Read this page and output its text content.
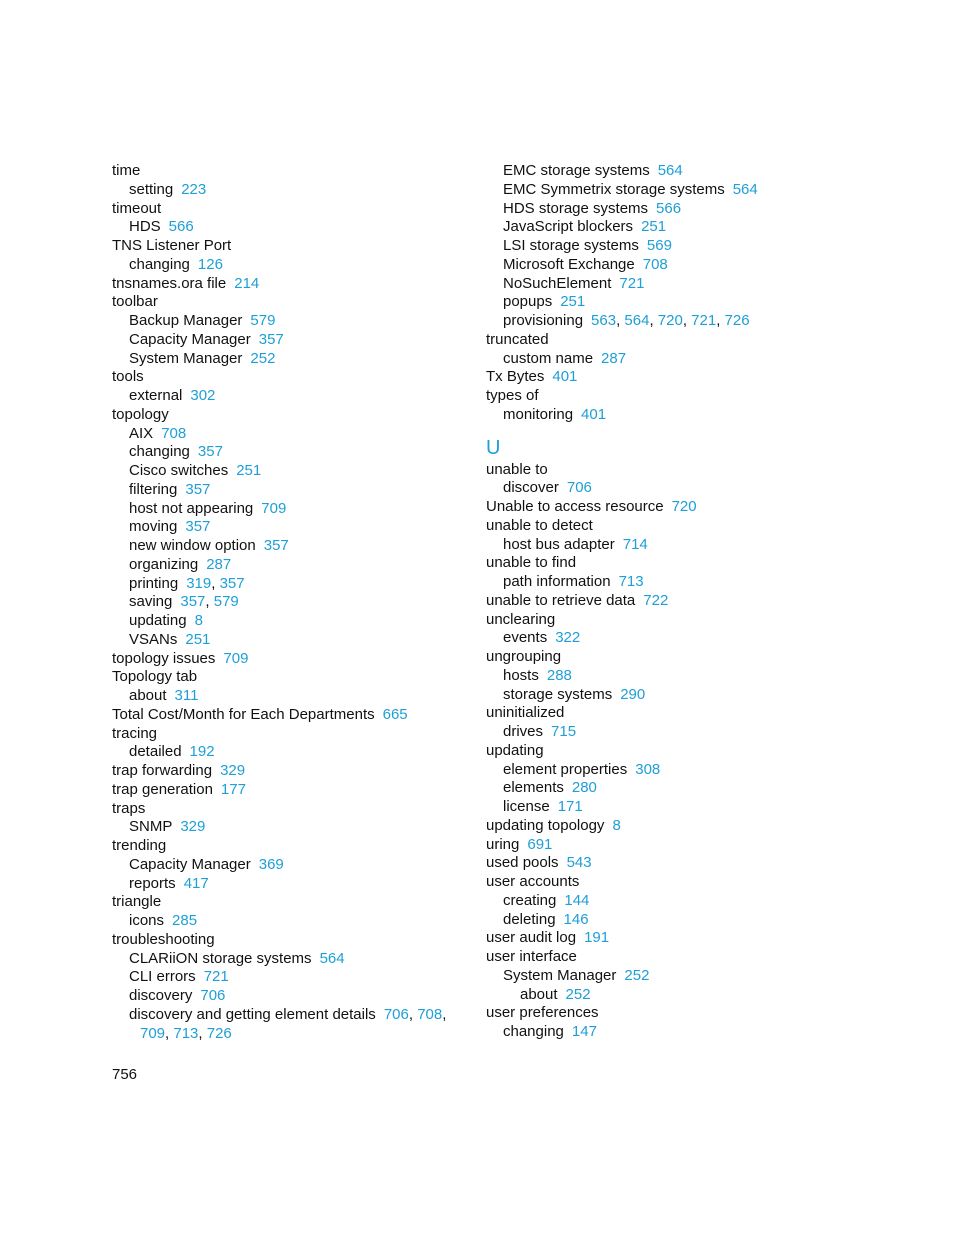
time
setting 223
timeout
HDS 566
TNS Listener Port
changing 126
tnsnames.ora file 214
toolbar
Backup Manager 579
Capacity Manager 357
System Manager 252
tools
external 302
topology
AIX 708
changing 357
Cisco switches 251
filtering 357
host not appearing 709
moving 357
new window option 357
organizing 287
printing 319, 357
saving 357, 579
updating 8
VSANs 251
topology issues 709
Topology tab
about 311
Total Cost/Month for Each Departments 665
tracing
detailed 192
trap forwarding 329
trap generation 177
traps
SNMP 329
trending
Capacity Manager 369
reports 417
triangle
icons 285
troubleshooting
CLARiiON storage systems 564
CLI errors 721
discovery 706
discovery and getting element details 706, 708,
709, 713, 726
EMC storage systems 564
EMC Symmetrix storage systems 564
HDS storage systems 566
JavaScript blockers 251
LSI storage systems 569
Microsoft Exchange 708
NoSuchElement 721
popups 251
provisioning 563, 564, 720, 721, 726
truncated
custom name 287
Tx Bytes 401
types of
monitoring 401
U
unable to
discover 706
Unable to access resource 720
unable to detect
host bus adapter 714
unable to find
path information 713
unable to retrieve data 722
unclearing
events 322
ungrouping
hosts 288
storage systems 290
uninitialized
drives 715
updating
element properties 308
elements 280
license 171
updating topology 8
uring 691
used pools 543
user accounts
creating 144
deleting 146
user audit log 191
user interface
System Manager 252
about 252
user preferences
changing 147
756
